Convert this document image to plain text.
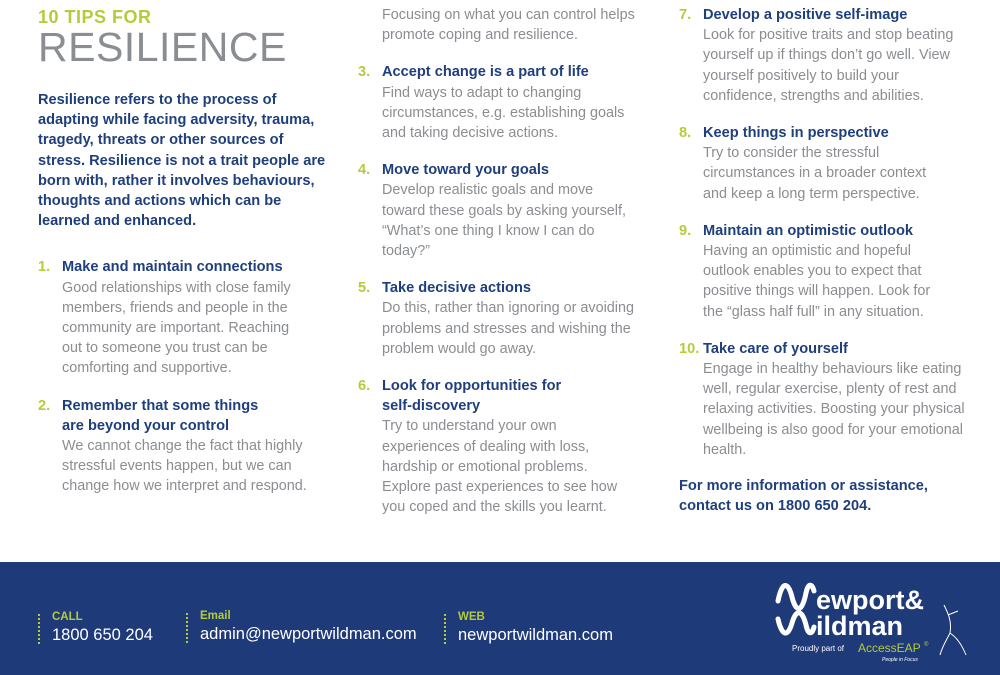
10 TIPS FOR
RESILIENCE

Resilience refers to the process of adapting while facing adversity, trauma, tragedy, threats or other sources of stress. Resilience is not a trait people are born with, rather it involves behaviours, thoughts and actions which can be learned and enhanced.

1. Make and maintain connections
Good relationships with close family members, friends and people in the community are important. Reaching out to someone you trust can be comforting and supportive.
2. Remember that some things are beyond your control
We cannot change the fact that highly stressful events happen, but we can change how we interpret and respond.
Focusing on what you can control helps promote coping and resilience.
3. Accept change is a part of life
Find ways to adapt to changing circumstances, e.g. establishing goals and taking decisive actions.
4. Move toward your goals
Develop realistic goals and move toward these goals by asking yourself, “What’s one thing I know I can do today?”
5. Take decisive actions
Do this, rather than ignoring or avoiding problems and stresses and wishing the problem would go away.
6. Look for opportunities for self-discovery
Try to understand your own experiences of dealing with loss, hardship or emotional problems. Explore past experiences to see how you coped and the skills you learnt.
7. Develop a positive self-image
Look for positive traits and stop beating yourself up if things don’t go well. View yourself positively to build your confidence, strengths and abilities.
8. Keep things in perspective
Try to consider the stressful circumstances in a broader context and keep a long term perspective.
9. Maintain an optimistic outlook
Having an optimistic and hopeful outlook enables you to expect that positive things will happen. Look for the “glass half full” in any situation.
10. Take care of yourself
Engage in healthy behaviours like eating well, regular exercise, plenty of rest and relaxing activities. Boosting your physical wellbeing is also good for your emotional health.
For more information or assistance, contact us on 1800 650 204.
CALL
1800 650 204
Email
admin@newportwildman.com
WEB
newportwildman.com
ewport&
ildman
Proudly part of AccessEAP ®
People in Focus
